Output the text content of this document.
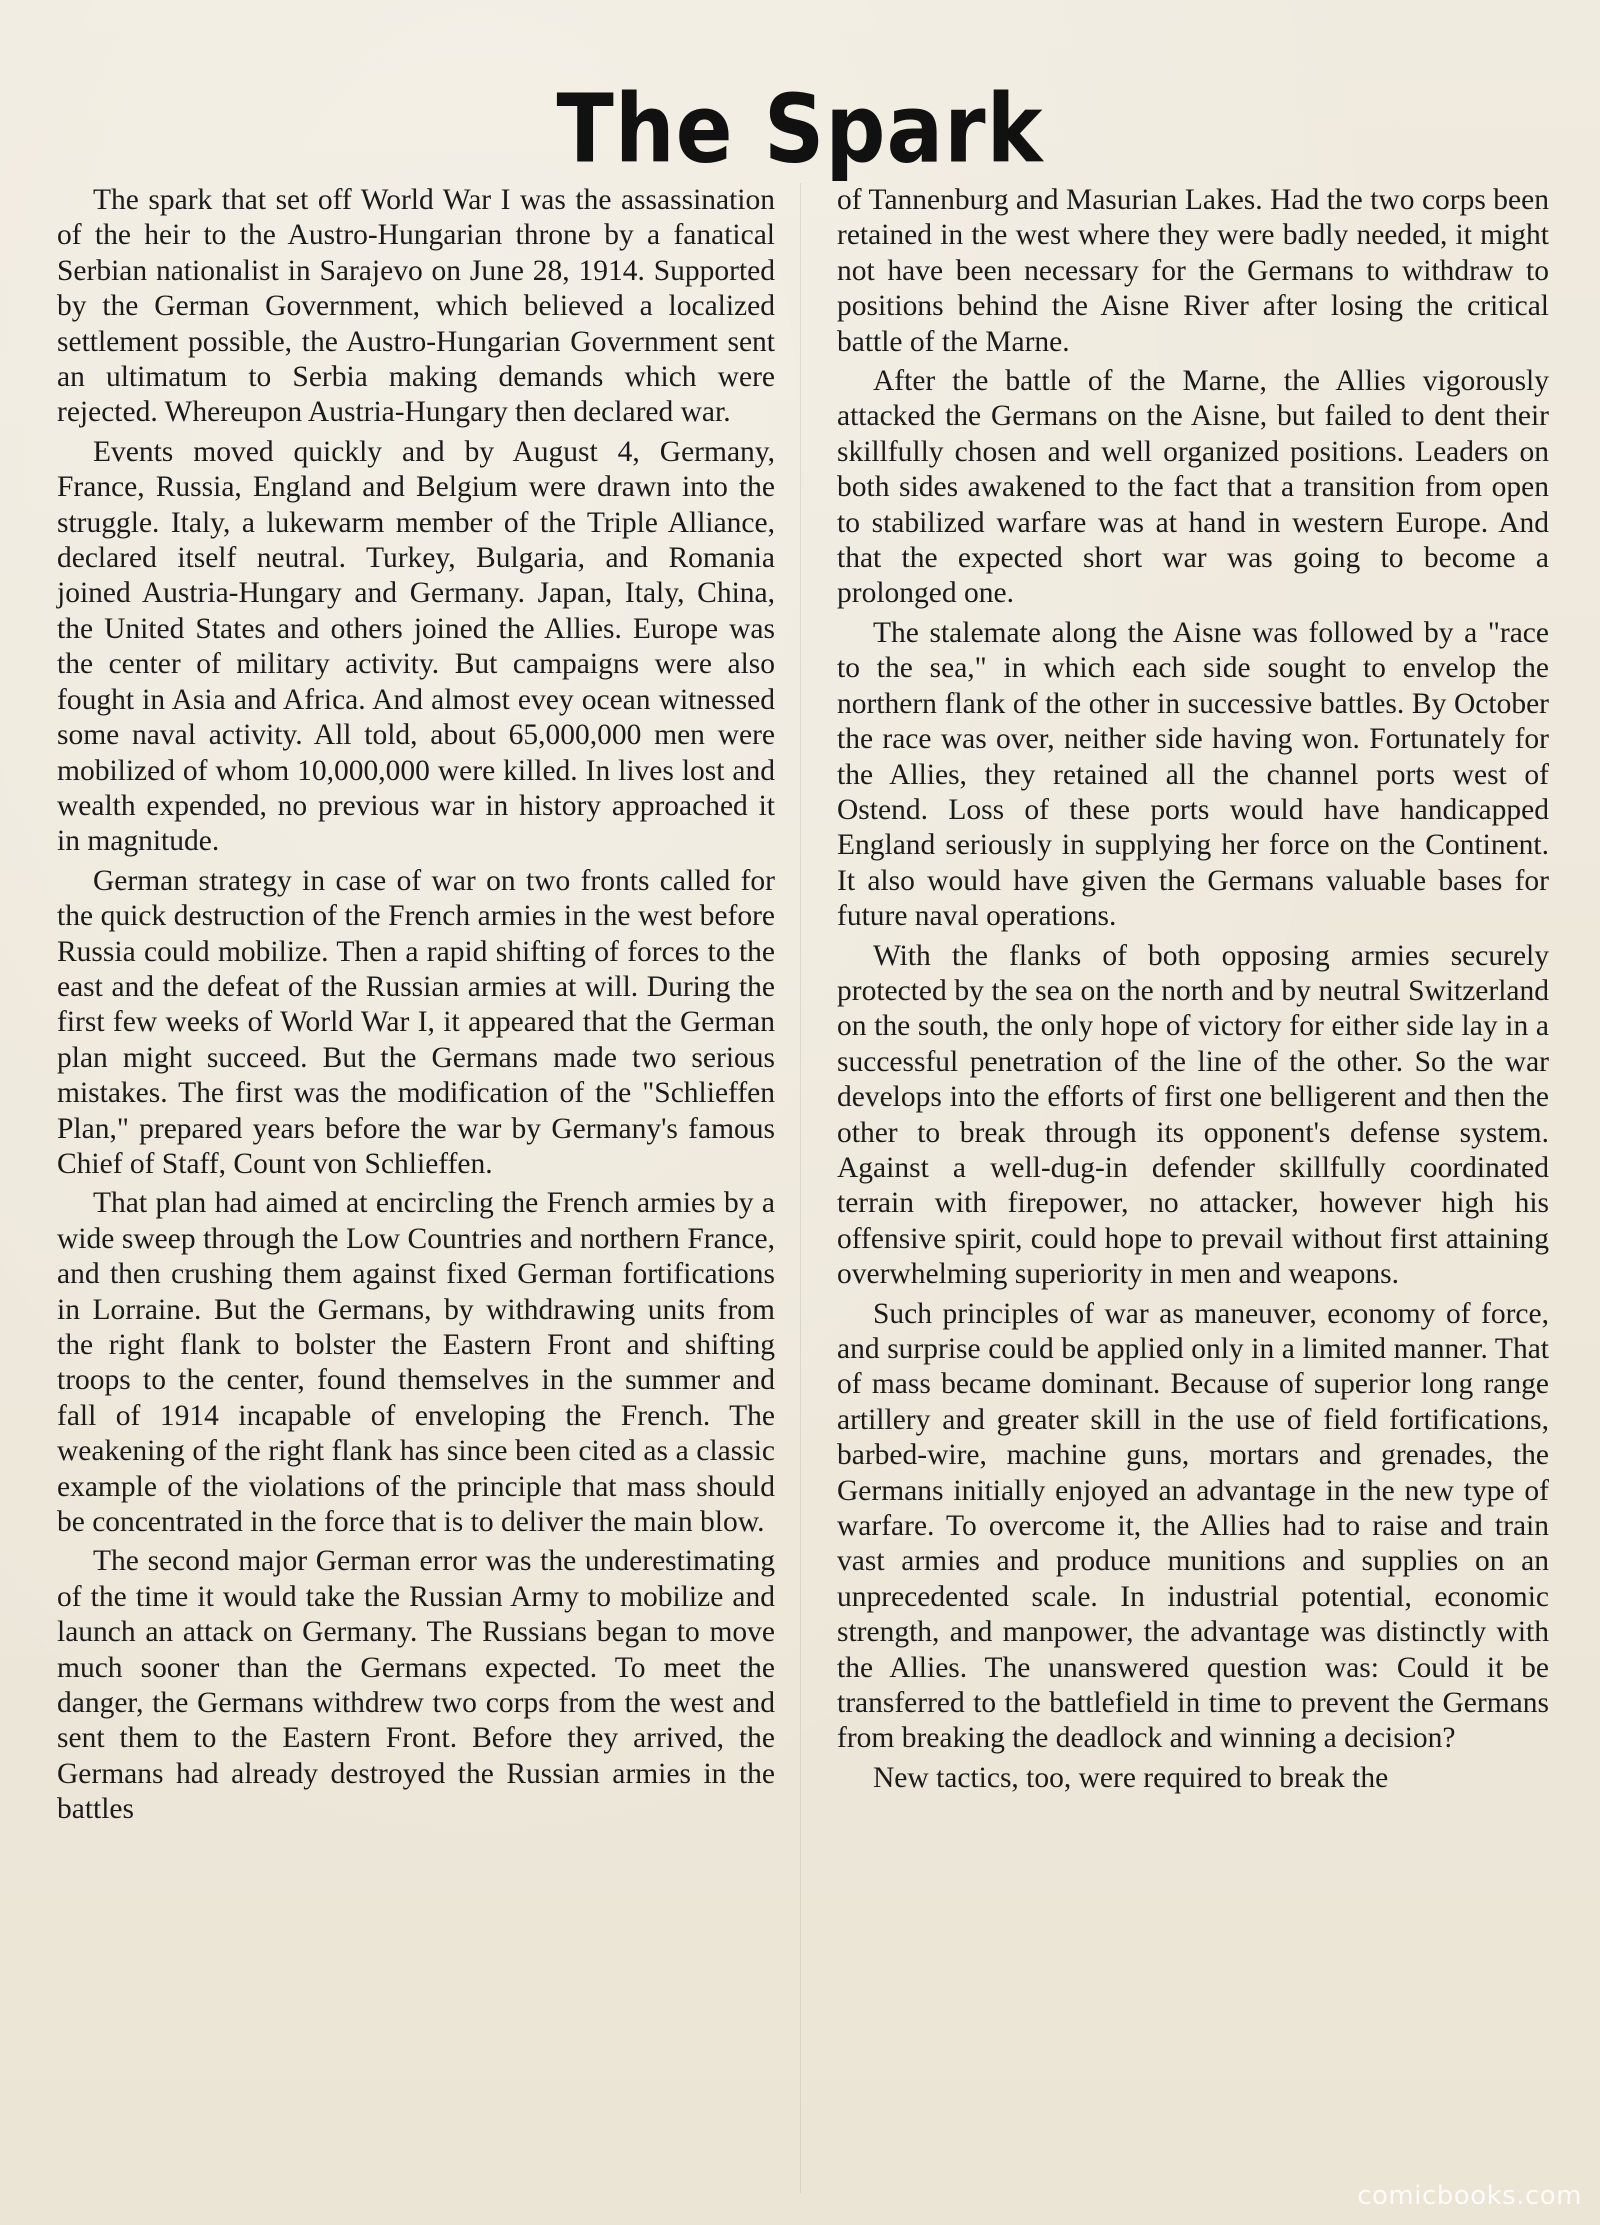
The Spark

The spark that set off World War I was the assassination of the heir to the Austro-Hungarian throne by a fanatical Serbian nationalist in Sarajevo on June 28, 1914. Supported by the German Government, which believed a localized settlement possible, the Austro-Hungarian Government sent an ultimatum to Serbia making demands which were rejected. Whereupon Austria-Hungary then declared war.

Events moved quickly and by August 4, Germany, France, Russia, England and Belgium were drawn into the struggle. Italy, a lukewarm member of the Triple Alliance, declared itself neutral. Turkey, Bulgaria, and Romania joined Austria-Hungary and Germany. Japan, Italy, China, the United States and others joined the Allies. Europe was the center of military activity. But campaigns were also fought in Asia and Africa. And almost evey ocean witnessed some naval activity. All told, about 65,000,000 men were mobilized of whom 10,000,000 were killed. In lives lost and wealth expended, no previous war in history approached it in magnitude.

German strategy in case of war on two fronts called for the quick destruction of the French armies in the west before Russia could mobilize. Then a rapid shifting of forces to the east and the defeat of the Russian armies at will. During the first few weeks of World War I, it appeared that the German plan might succeed. But the Germans made two serious mistakes. The first was the modification of the "Schlieffen Plan," prepared years before the war by Germany's famous Chief of Staff, Count von Schlieffen.

That plan had aimed at encircling the French armies by a wide sweep through the Low Countries and northern France, and then crushing them against fixed German fortifications in Lorraine. But the Germans, by withdrawing units from the right flank to bolster the Eastern Front and shifting troops to the center, found themselves in the summer and fall of 1914 incapable of enveloping the French. The weakening of the right flank has since been cited as a classic example of the violations of the principle that mass should be concentrated in the force that is to deliver the main blow.

The second major German error was the underestimating of the time it would take the Russian Army to mobilize and launch an attack on Germany. The Russians began to move much sooner than the Germans expected. To meet the danger, the Germans withdrew two corps from the west and sent them to the Eastern Front. Before they arrived, the Germans had already destroyed the Russian armies in the battles

of Tannenburg and Masurian Lakes. Had the two corps been retained in the west where they were badly needed, it might not have been necessary for the Germans to withdraw to positions behind the Aisne River after losing the critical battle of the Marne.

After the battle of the Marne, the Allies vigorously attacked the Germans on the Aisne, but failed to dent their skillfully chosen and well organized positions. Leaders on both sides awakened to the fact that a transition from open to stabilized warfare was at hand in western Europe. And that the expected short war was going to become a prolonged one.

The stalemate along the Aisne was followed by a "race to the sea," in which each side sought to envelop the northern flank of the other in successive battles. By October the race was over, neither side having won. Fortunately for the Allies, they retained all the channel ports west of Ostend. Loss of these ports would have handicapped England seriously in supplying her force on the Continent. It also would have given the Germans valuable bases for future naval operations.

With the flanks of both opposing armies securely protected by the sea on the north and by neutral Switzerland on the south, the only hope of victory for either side lay in a successful penetration of the line of the other. So the war develops into the efforts of first one belligerent and then the other to break through its opponent's defense system. Against a well-dug-in defender skillfully coordinated terrain with firepower, no attacker, however high his offensive spirit, could hope to prevail without first attaining overwhelming superiority in men and weapons.

Such principles of war as maneuver, economy of force, and surprise could be applied only in a limited manner. That of mass became dominant. Because of superior long range artillery and greater skill in the use of field fortifications, barbed-wire, machine guns, mortars and grenades, the Germans initially enjoyed an advantage in the new type of warfare. To overcome it, the Allies had to raise and train vast armies and produce munitions and supplies on an unprecedented scale. In industrial potential, economic strength, and manpower, the advantage was distinctly with the Allies. The unanswered question was: Could it be transferred to the battlefield in time to prevent the Germans from breaking the deadlock and winning a decision?

New tactics, too, were required to break the

comicbooks.com
